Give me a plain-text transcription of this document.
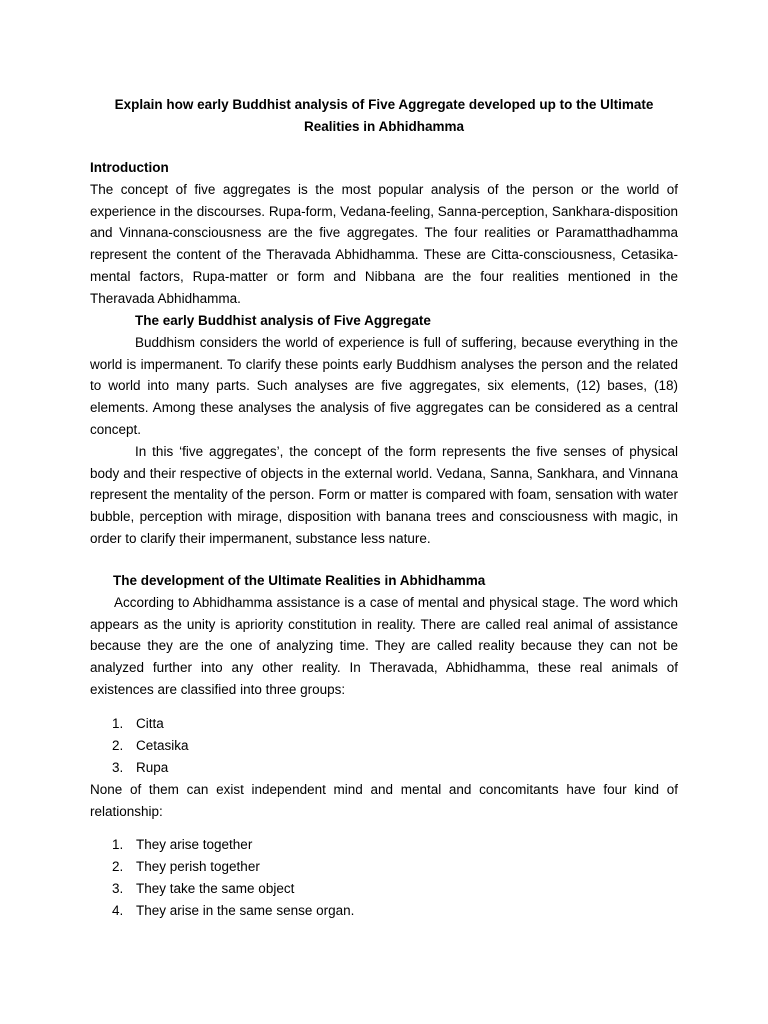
Explain how early Buddhist analysis of Five Aggregate developed up to the Ultimate Realities in Abhidhamma

Introduction

The concept of five aggregates is the most popular analysis of the person or the world of experience in the discourses. Rupa-form, Vedana-feeling, Sanna-perception, Sankhara-disposition and Vinnana-consciousness are the five aggregates. The four realities or Paramatthadhamma represent the content of the Theravada Abhidhamma. These are Citta-consciousness, Cetasika-mental factors, Rupa-matter or form and Nibbana are the four realities mentioned in the Theravada Abhidhamma.

The early Buddhist analysis of Five Aggregate

Buddhism considers the world of experience is full of suffering, because everything in the world is impermanent. To clarify these points early Buddhism analyses the person and the related to world into many parts. Such analyses are five aggregates, six elements, (12) bases, (18) elements. Among these analyses the analysis of five aggregates can be considered as a central concept.

In this ‘five aggregates’, the concept of the form represents the five senses of physical body and their respective of objects in the external world. Vedana, Sanna, Sankhara, and Vinnana represent the mentality of the person. Form or matter is compared with foam, sensation with water bubble, perception with mirage, disposition with banana trees and consciousness with magic, in order to clarify their impermanent, substance less nature.

The development of the Ultimate Realities in Abhidhamma

According to Abhidhamma assistance is a case of mental and physical stage. The word which appears as the unity is apriority constitution in reality. There are called real animal of assistance because they are the one of analyzing time. They are called reality because they can not be analyzed further into any other reality. In Theravada, Abhidhamma, these real animals of existences are classified into three groups:

1. Citta
2. Cetasika
3. Rupa

None of them can exist independent mind and mental and concomitants have four kind of relationship:

1. They arise together
2. They perish together
3. They take the same object
4. They arise in the same sense organ.
